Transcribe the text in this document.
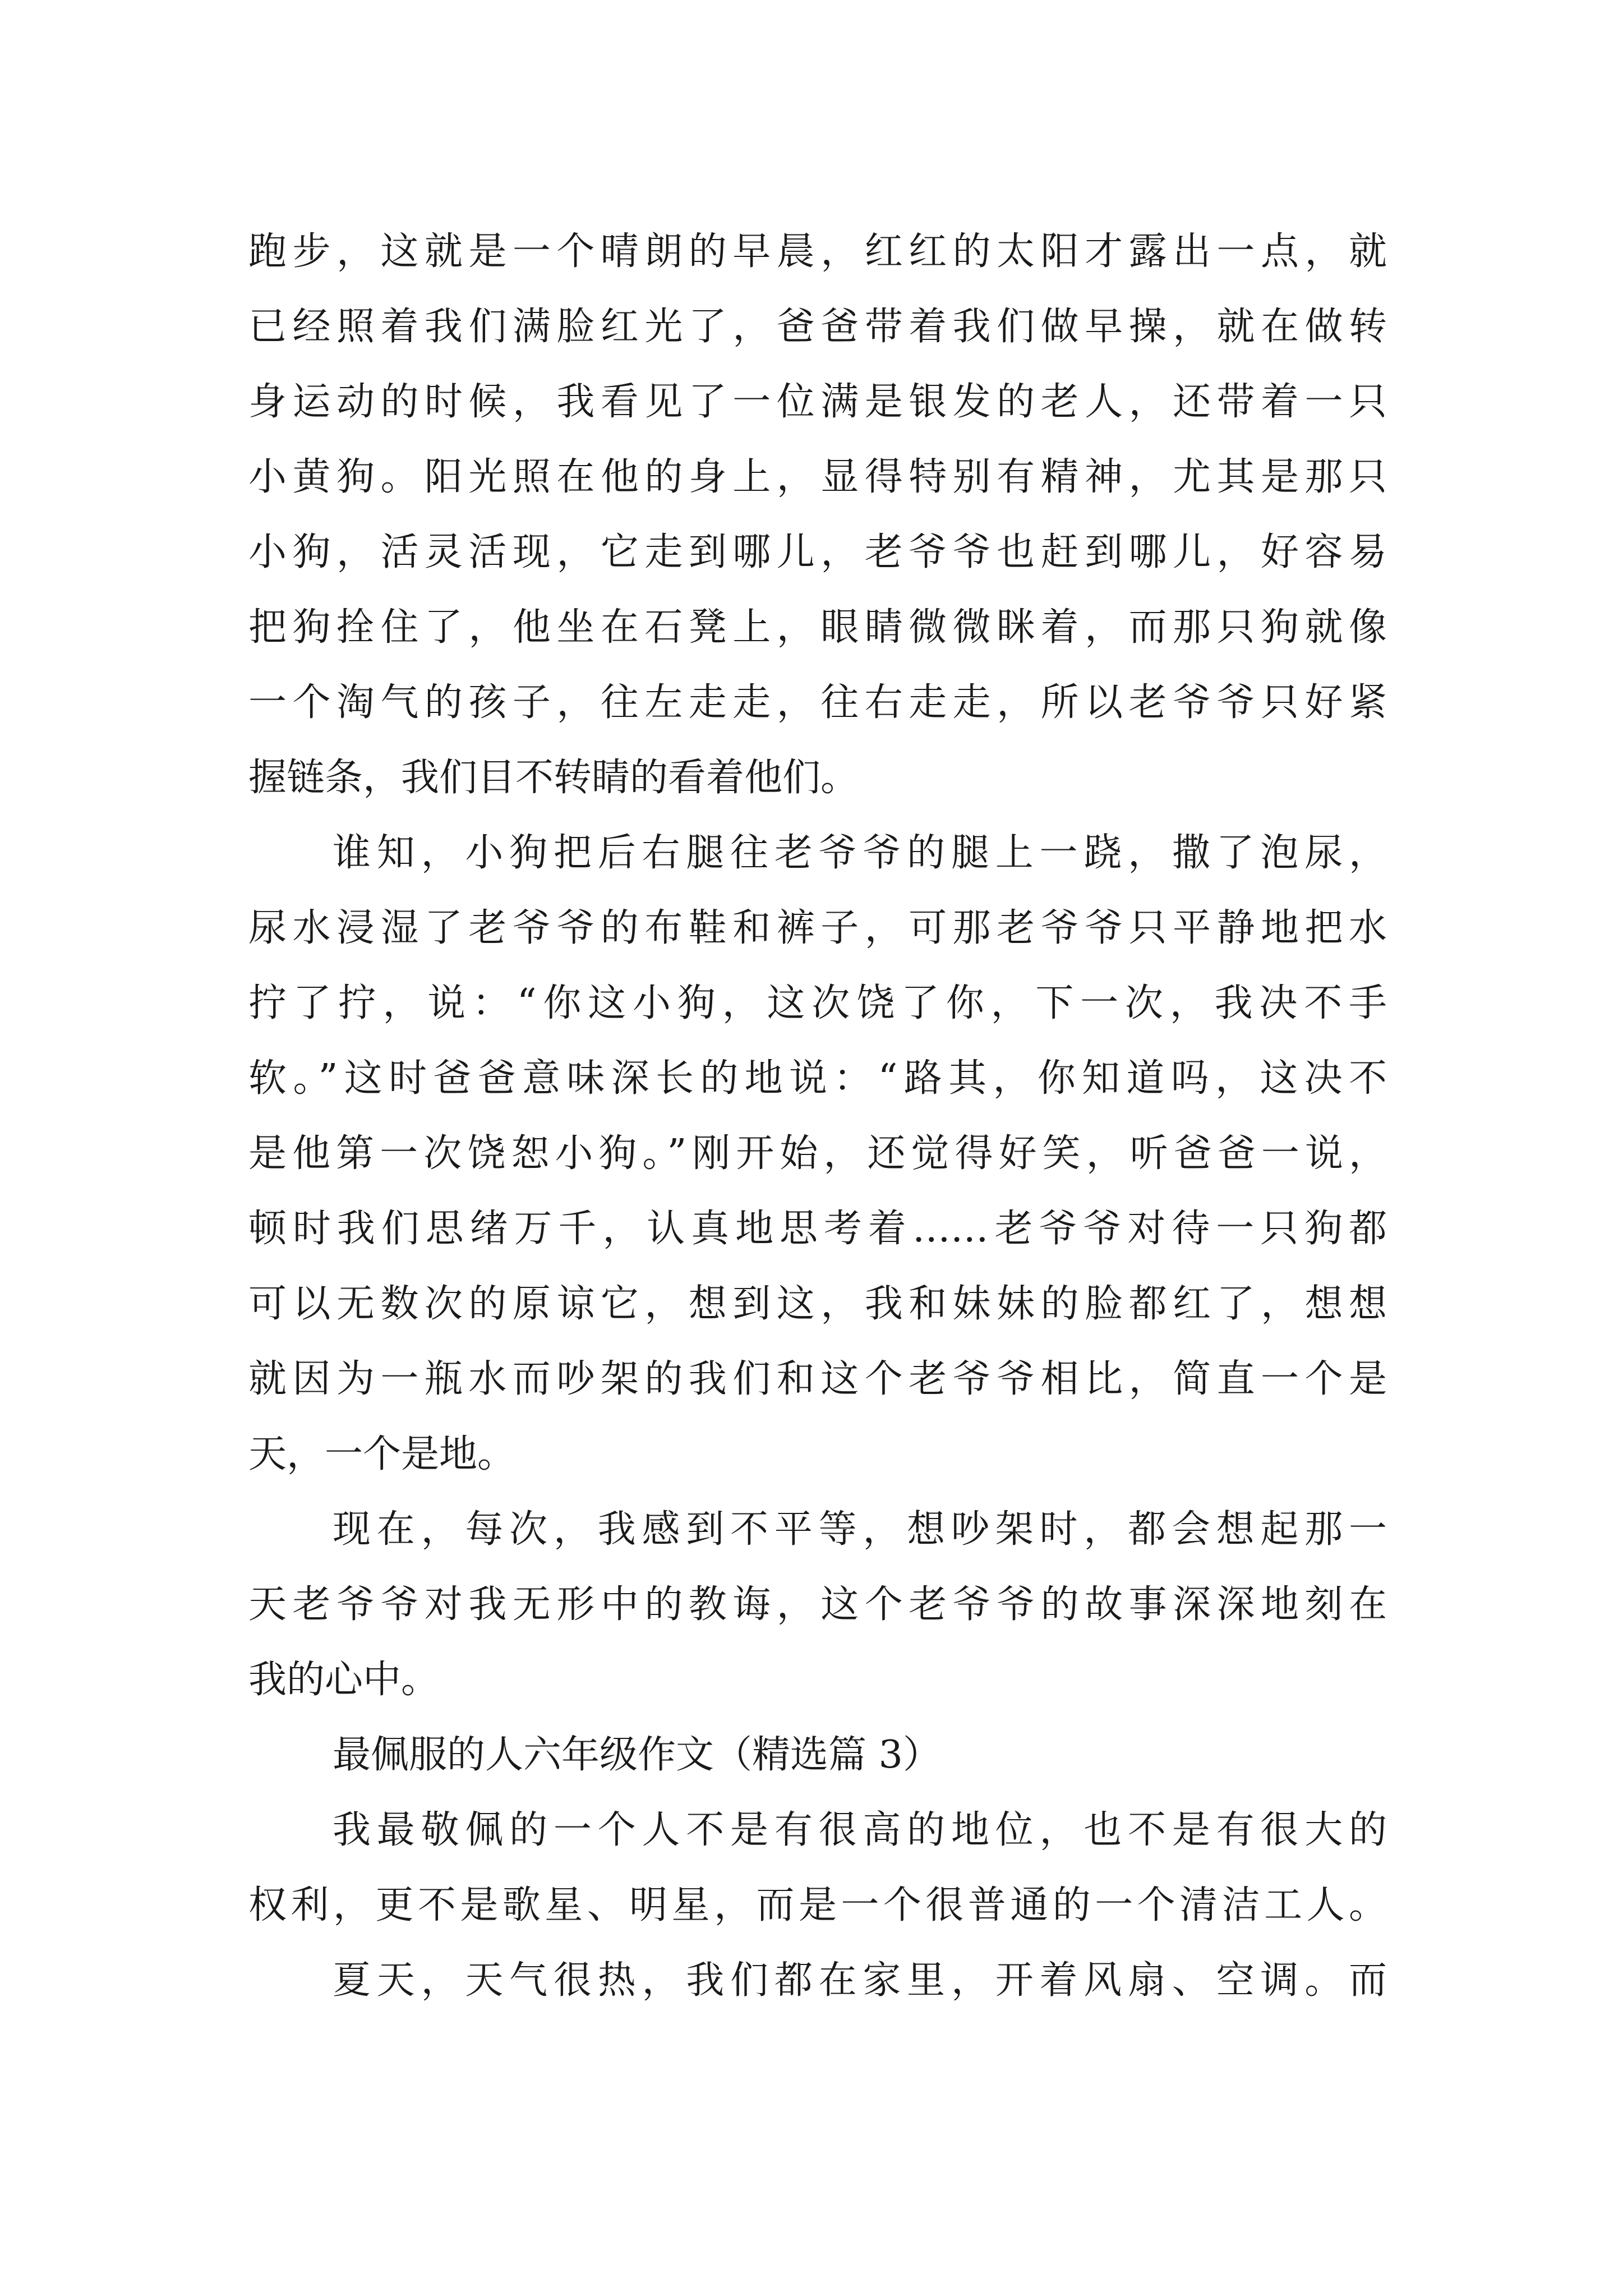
跑步，这就是一个晴朗的早晨，红红的太阳才露出一点，就
已经照着我们满脸红光了，爸爸带着我们做早操，就在做转
身运动的时候，我看见了一位满是银发的老人，还带着一只
小黄狗。阳光照在他的身上，显得特别有精神，尤其是那只
小狗，活灵活现，它走到哪儿，老爷爷也赶到哪儿，好容易
把狗拴住了，他坐在石凳上，眼睛微微眯着，而那只狗就像
一个淘气的孩子，往左走走，往右走走，所以老爷爷只好紧
握链条，我们目不转睛的看着他们。
谁知，小狗把后右腿往老爷爷的腿上一跷，撒了泡尿，
尿水浸湿了老爷爷的布鞋和裤子，可那老爷爷只平静地把水
拧了拧，说：“你这小狗，这次饶了你，下一次，我决不手
软。”这时爸爸意味深长的地说：“路其，你知道吗，这决不
是他第一次饶恕小狗。”刚开始，还觉得好笑，听爸爸一说，
顿时我们思绪万千，认真地思考着……老爷爷对待一只狗都
可以无数次的原谅它，想到这，我和妹妹的脸都红了，想想
就因为一瓶水而吵架的我们和这个老爷爷相比，简直一个是
天，一个是地。
现在，每次，我感到不平等，想吵架时，都会想起那一
天老爷爷对我无形中的教诲，这个老爷爷的故事深深地刻在
我的心中。
最佩服的人六年级作文（精选篇 3）
我最敬佩的一个人不是有很高的地位，也不是有很大的
权利，更不是歌星、明星，而是一个很普通的一个清洁工人。
夏天，天气很热，我们都在家里，开着风扇、空调。而
